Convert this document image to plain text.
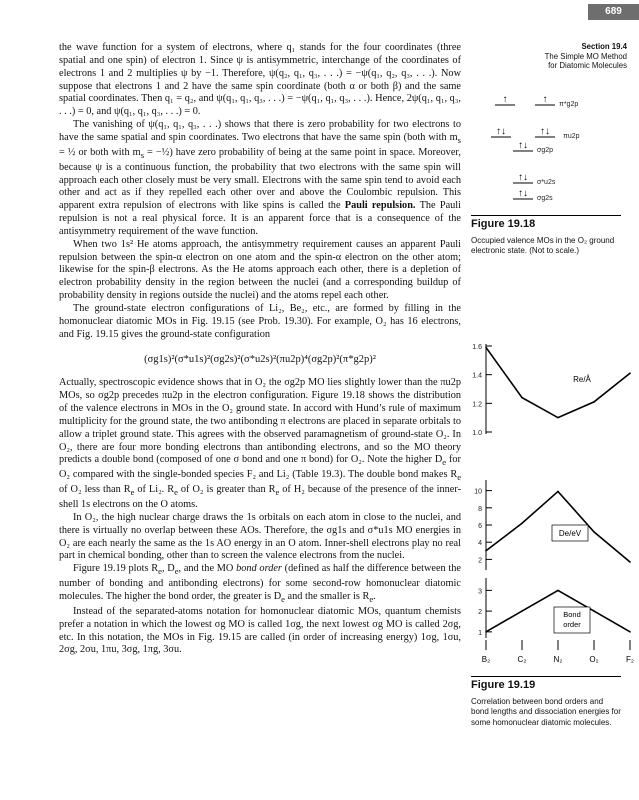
689

the wave function for a system of electrons, where q₁ stands for the four coordinates (three spatial and one spin) of electron 1. Since ψ is antisymmetric, interchange of the coordinates of electrons 1 and 2 multiplies ψ by −1. Therefore, ψ(q₂, q₁, q₃, . . .) = −ψ(q₁, q₂, q₃, . . .). Now suppose that electrons 1 and 2 have the same spin coordinate (both α or both β) and the same spatial coordinates. Then q₁ = q₂, and ψ(q₁, q₁, q₃, . . .) = −ψ(q₁, q₁, q₃, . . .). Hence, 2ψ(q₁, q₁, q₃, . . .) = 0, and ψ(q₁, q₁, q₃, . . .) = 0.

The vanishing of ψ(q₁, q₁, q₃, . . .) shows that there is zero probability for two electrons to have the same spatial and spin coordinates. Two electrons that have the same spin (both with $m_s$ = ½ or both with $m_s$ = −½) have zero probability of being at the same point in space. Moreover, because ψ is a continuous function, the probability that two electrons with the same spin will approach each other closely must be very small. Electrons with the same spin tend to avoid each other and act as if they repelled each other over and above the Coulombic repulsion. This apparent extra repulsion of electrons with like spins is called the Pauli repulsion. The Pauli repulsion is not a real physical force. It is an apparent force that is a consequence of the antisymmetry requirement of the wave function.

When two 1s² He atoms approach, the antisymmetry requirement causes an apparent Pauli repulsion between the spin-α electron on one atom and the spin-α electron on the other atom; likewise for the spin-β electrons. As the He atoms approach each other, there is a depletion of electron probability density in the region between the nuclei (and a corresponding buildup of probability density in regions outside the nuclei) and the atoms repel each other.

The ground-state electron configurations of Li₂, Be₂, etc., are formed by filling in the homonuclear diatomic MOs in Fig. 19.15 (see Prob. 19.30). For example, O₂ has 16 electrons, and Fig. 19.15 gives the ground-state configuration

(σg1s)²(σ*u1s)²(σg2s)²(σ*u2s)²(πu2p)⁴(σg2p)²(π*g2p)²

Actually, spectroscopic evidence shows that in O₂ the σg2p MO lies slightly lower than the πu2p MOs, so σg2p precedes πu2p in the electron configuration. Figure 19.18 shows the distribution of the valence electrons in MOs in the O₂ ground state. In accord with Hund’s rule of maximum multiplicity for the ground state, the two antibonding π electrons are placed in separate orbitals to allow a triplet ground state. This agrees with the observed paramagnetism of ground-state O₂. In O₂, there are four more bonding electrons than antibonding electrons, and so the MO theory predicts a double bond (composed of one σ bond and one π bond) for O₂. Note the higher $D_e$ for O₂ compared with the single-bonded species F₂ and Li₂ (Table 19.3). The double bond makes $R_e$ of O₂ less than $R_e$ of Li₂. $R_e$ of O₂ is greater than $R_e$ of H₂ because of the presence of the inner-shell 1s electrons on the O atoms.

In O₂, the high nuclear charge draws the 1s orbitals on each atom in close to the nuclei, and there is virtually no overlap between these AOs. Therefore, the σg1s and σ*u1s MO energies in O₂ are each nearly the same as the 1s AO energy in an O atom. Inner-shell electrons play no real part in chemical bonding, other than to screen the valence electrons from the nuclei.

Figure 19.19 plots $R_e$, $D_e$, and the MO bond order (defined as half the difference between the number of bonding and antibonding electrons) for some second-row homonuclear diatomic molecules. The higher the bond order, the greater is $D_e$ and the smaller is $R_e$.

Instead of the separated-atoms notation for homonuclear diatomic MOs, quantum chemists prefer a notation in which the lowest σg MO is called 1σg, the next lowest σg MO is called 2σg, etc. In this notation, the MOs in Fig. 19.15 are called (in order of increasing energy) 1σg, 1σu, 2σg, 2σu, 1πu, 3σg, 1πg, 3σu.

Section 19.4
The Simple MO Method
for Diatomic Molecules
↑	↑ π*g2p
↑↓	↑↓ πu2p
↑↓ σg2p
↑↓ σ*u2s
↑↓ σg2s
Figure 19.18
Occupied valence MOs in the O₂ ground electronic state. (Not to scale.)
1.6
1.4
1.2
1.0
Re/Å
10
8
6
4
2
De/eV
3
2
1
Bond
order
B₂	C₂	N₂	O₂	F₂
Figure 19.19
Correlation between bond orders and bond lengths and dissociation energies for some homonuclear diatomic molecules.
